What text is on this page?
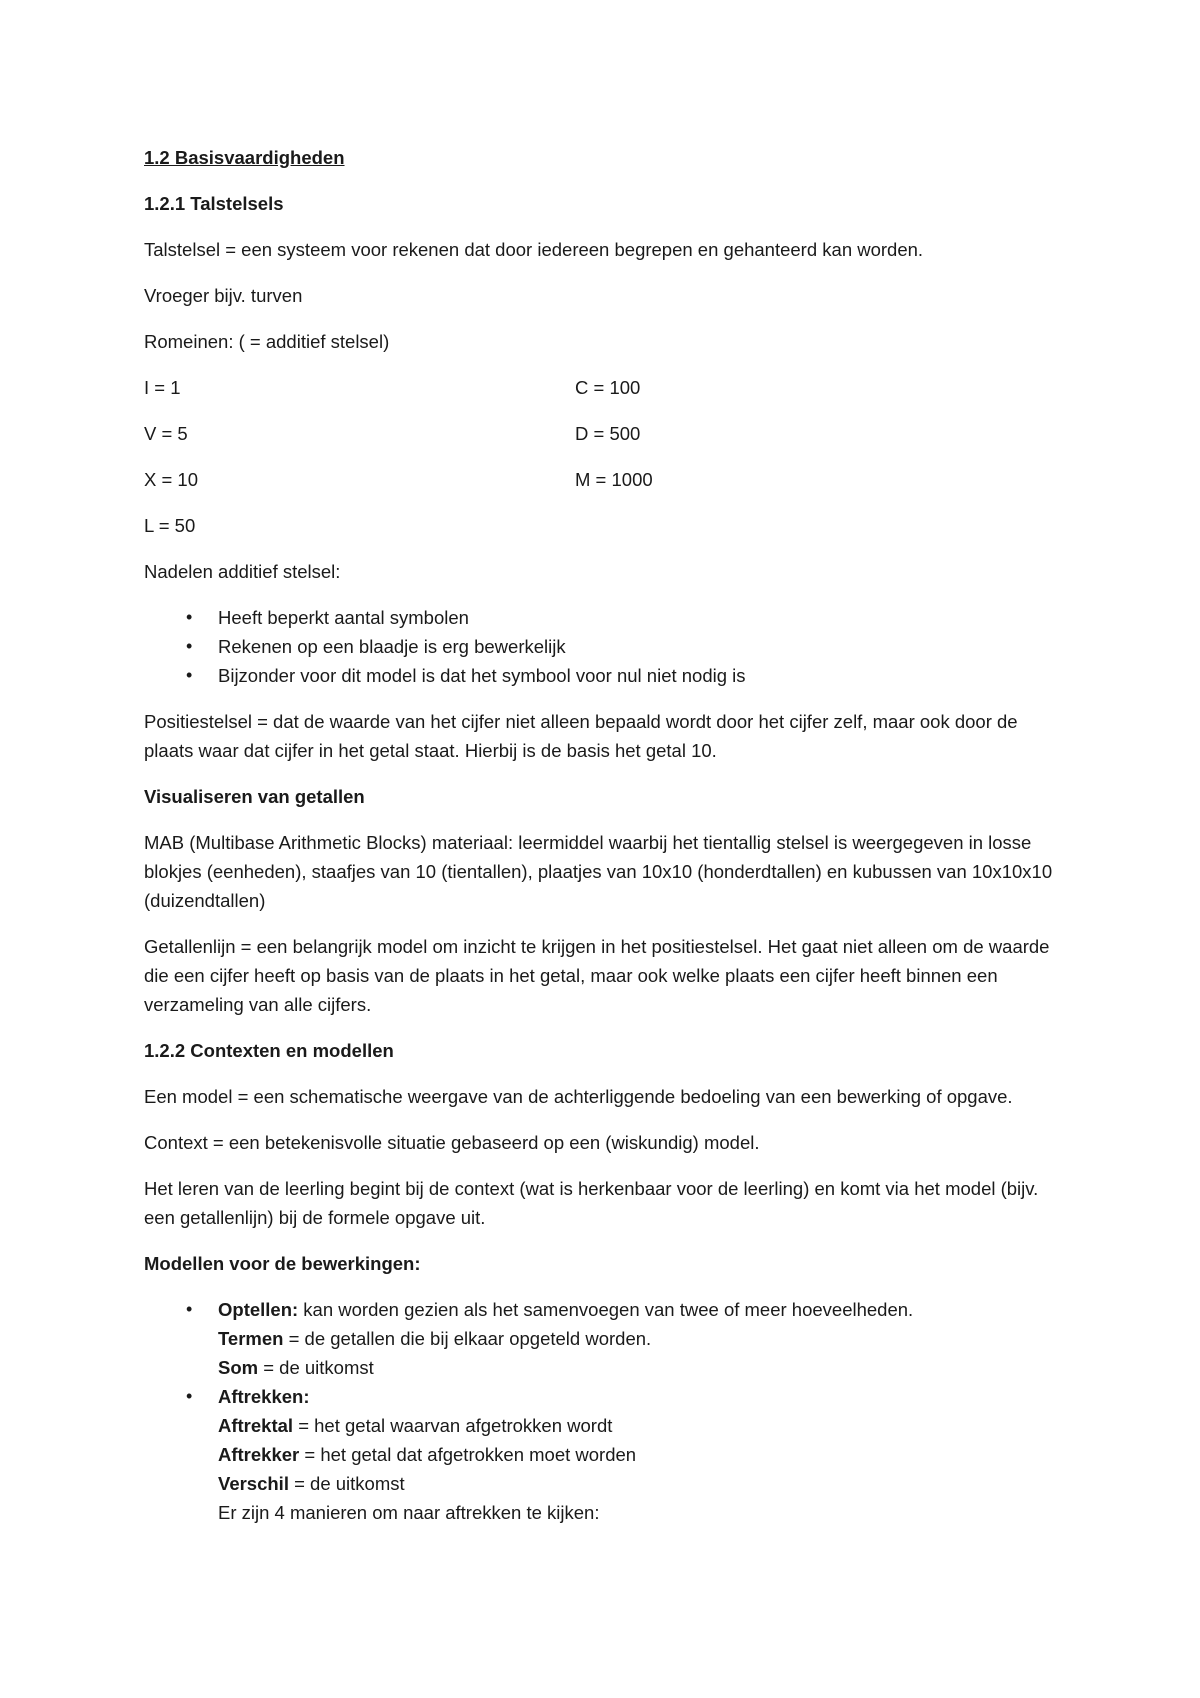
1.2 Basisvaardigheden

1.2.1 Talstelsels

Talstelsel = een systeem voor rekenen dat door iedereen begrepen en gehanteerd kan worden.

Vroeger bijv. turven

Romeinen: ( = additief stelsel)

I = 1	C = 100
V = 5	D = 500
X = 10	M = 1000
L = 50

Nadelen additief stelsel:

• Heeft beperkt aantal symbolen
• Rekenen op een blaadje is erg bewerkelijk
• Bijzonder voor dit model is dat het symbool voor nul niet nodig is

Positiestelsel = dat de waarde van het cijfer niet alleen bepaald wordt door het cijfer zelf, maar ook door de plaats waar dat cijfer in het getal staat. Hierbij is de basis het getal 10.

Visualiseren van getallen

MAB (Multibase Arithmetic Blocks) materiaal: leermiddel waarbij het tientallig stelsel is weergegeven in losse blokjes (eenheden), staafjes van 10 (tientallen), plaatjes van 10x10 (honderdtallen) en kubussen van 10x10x10 (duizendtallen)

Getallenlijn = een belangrijk model om inzicht te krijgen in het positiestelsel. Het gaat niet alleen om de waarde die een cijfer heeft op basis van de plaats in het getal, maar ook welke plaats een cijfer heeft binnen een verzameling van alle cijfers.

1.2.2 Contexten en modellen

Een model = een schematische weergave van de achterliggende bedoeling van een bewerking of opgave.

Context = een betekenisvolle situatie gebaseerd op een (wiskundig) model.

Het leren van de leerling begint bij de context (wat is herkenbaar voor de leerling) en komt via het model (bijv. een getallenlijn) bij de formele opgave uit.

Modellen voor de bewerkingen:

• Optellen: kan worden gezien als het samenvoegen van twee of meer hoeveelheden.
Termen = de getallen die bij elkaar opgeteld worden.
Som = de uitkomst
• Aftrekken:
Aftrektal = het getal waarvan afgetrokken wordt
Aftrekker = het getal dat afgetrokken moet worden
Verschil = de uitkomst
Er zijn 4 manieren om naar aftrekken te kijken:
